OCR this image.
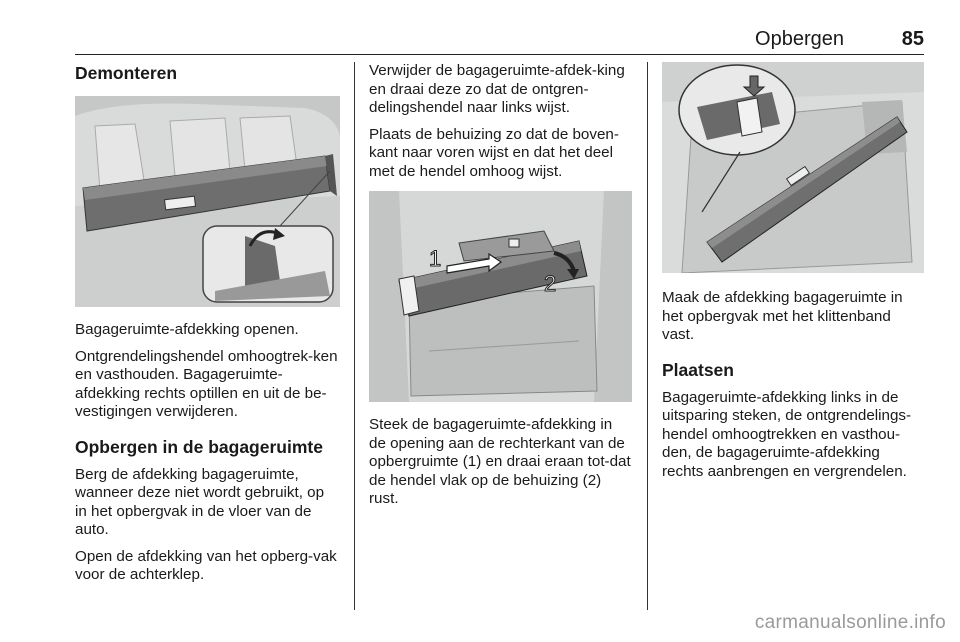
Opbergen	85
Demonteren

Bagageruimte-afdekking openen.

Ontgrendelingshendel omhoogtrek-ken en vasthouden. Bagageruimte-afdekking rechts optillen en uit de be-vestigingen verwijderen.

Opbergen in de bagageruimte

Berg de afdekking bagageruimte, wanneer deze niet wordt gebruikt, op in het opbergvak in de vloer van de auto.

Open de afdekking van het opberg-vak voor de achterklep.

Verwijder de bagageruimte-afdek-king en draai deze zo dat de ontgren-delingshendel naar links wijst.

Plaats de behuizing zo dat de boven-kant naar voren wijst en dat het deel met de hendel omhoog wijst.

1
2

Steek de bagageruimte-afdekking in de opening aan de rechterkant van de opbergruimte (1) en draai eraan tot-dat de hendel vlak op de behuizing (2) rust.

Maak de afdekking bagageruimte in het opbergvak met het klittenband vast.

Plaatsen

Bagageruimte-afdekking links in de uitsparing steken, de ontgrendelings-hendel omhoogtrekken en vasthou-den, de bagageruimte-afdekking rechts aanbrengen en vergrendelen.

carmanualsonline.info
